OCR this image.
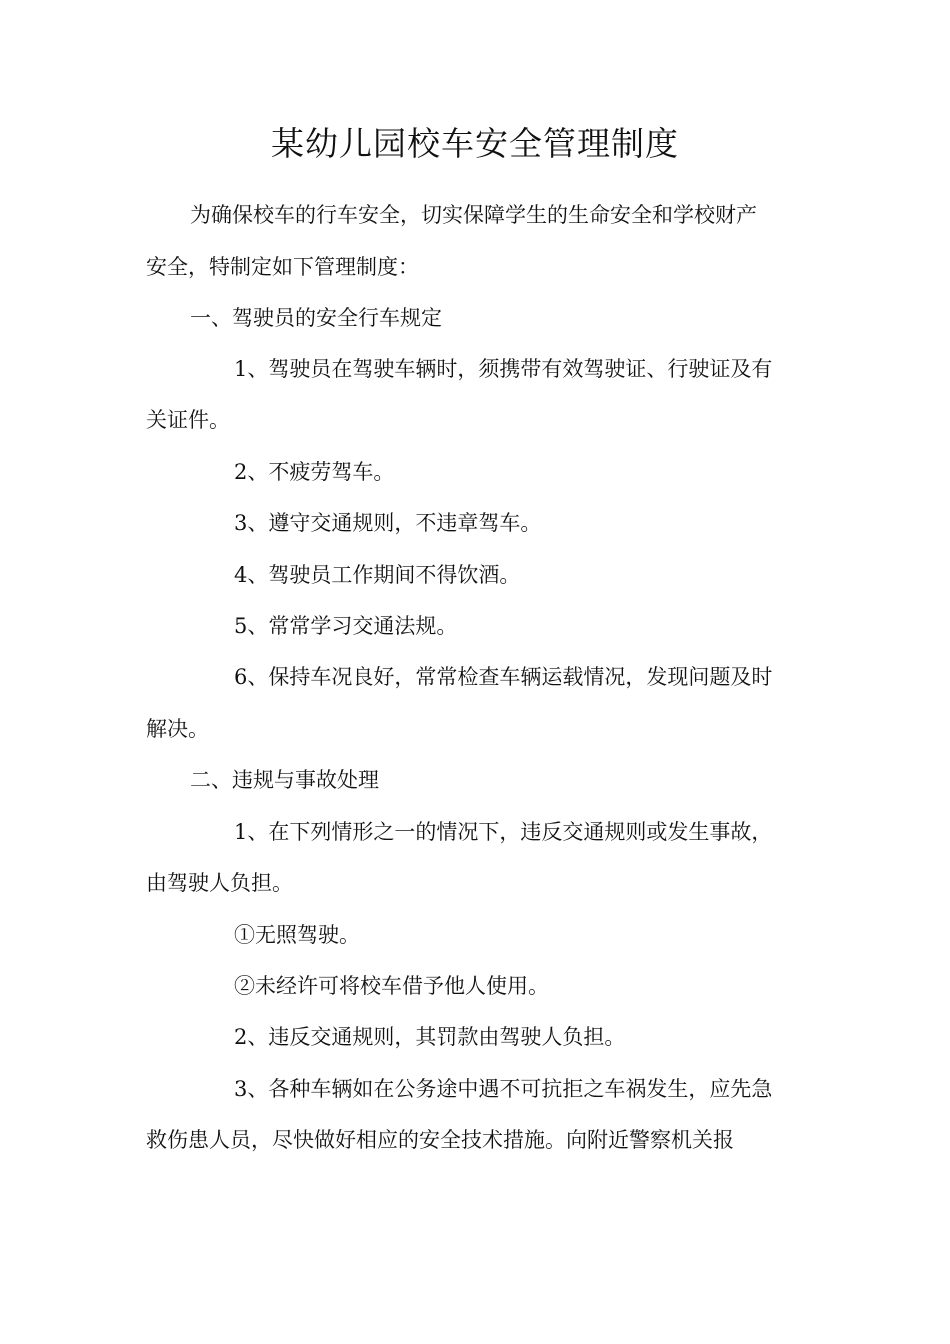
某幼儿园校车安全管理制度
为确保校车的行车安全，切实保障学生的生命安全和学校财产
安全，特制定如下管理制度：
一、驾驶员的安全行车规定
1、驾驶员在驾驶车辆时，须携带有效驾驶证、行驶证及有
关证件。
2、不疲劳驾车。
3、遵守交通规则，不违章驾车。
4、驾驶员工作期间不得饮酒。
5、常常学习交通法规。
6、保持车况良好，常常检查车辆运载情况，发现问题及时
解决。
二、违规与事故处理
1、在下列情形之一的情况下，违反交通规则或发生事故，
由驾驶人负担。
①无照驾驶。
②未经许可将校车借予他人使用。
2、违反交通规则，其罚款由驾驶人负担。
3、各种车辆如在公务途中遇不可抗拒之车祸发生，应先急
救伤患人员，尽快做好相应的安全技术措施。向附近警察机关报
